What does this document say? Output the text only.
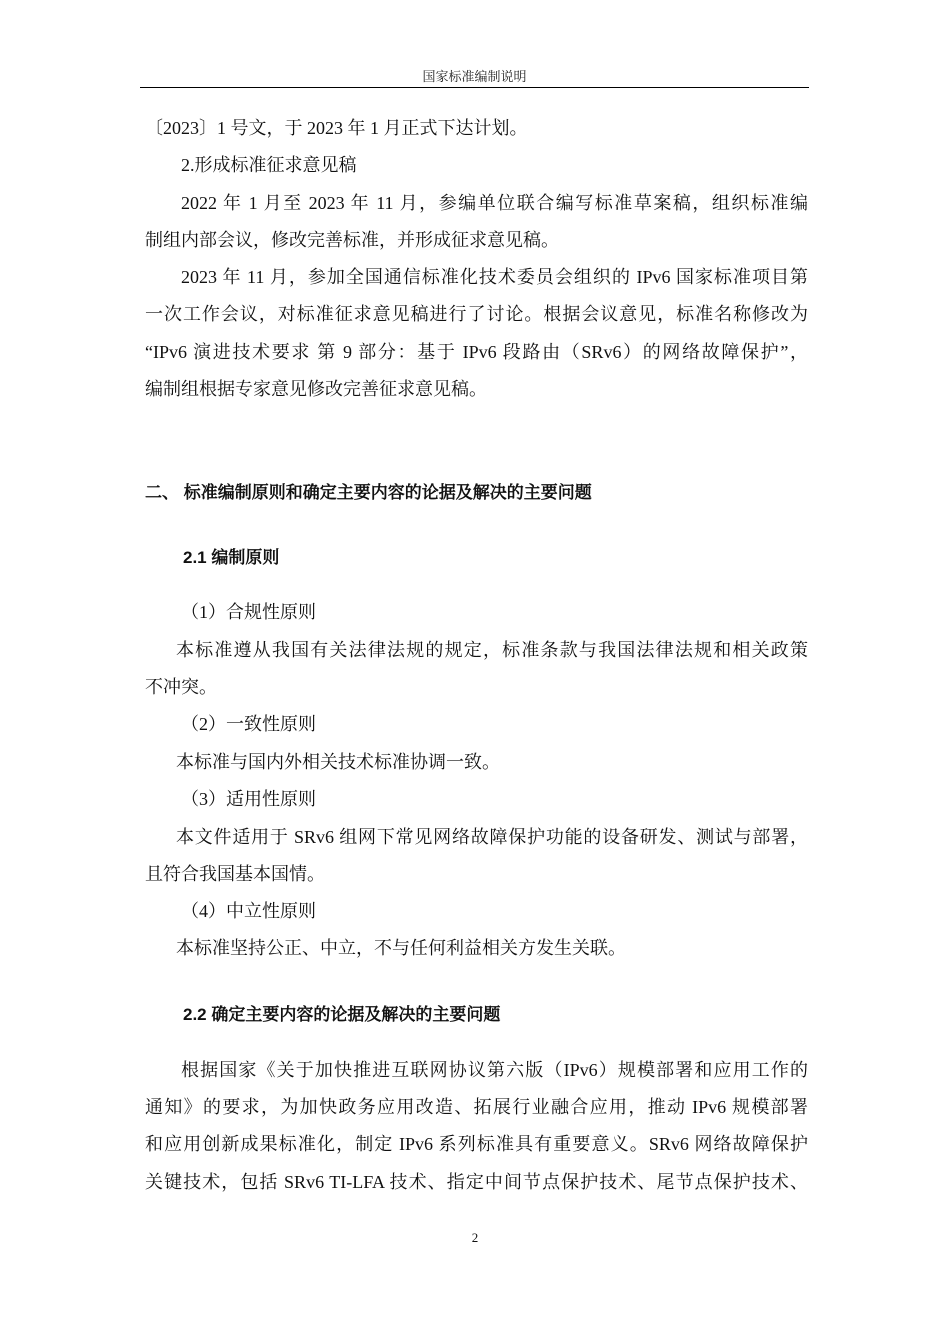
国家标准编制说明
〔2023〕1 号文，于 2023 年 1 月正式下达计划。
2.形成标准征求意见稿
2022 年 1 月至 2023 年 11 月，参编单位联合编写标准草案稿，组织标准编
制组内部会议，修改完善标准，并形成征求意见稿。
2023 年 11 月，参加全国通信标准化技术委员会组织的 IPv6 国家标准项目第
一次工作会议，对标准征求意见稿进行了讨论。根据会议意见，标准名称修改为
“IPv6 演进技术要求 第 9 部分：基于 IPv6 段路由（SRv6）的网络故障保护”，
编制组根据专家意见修改完善征求意见稿。
二、 标准编制原则和确定主要内容的论据及解决的主要问题
2.1 编制原则
（1）合规性原则
本标准遵从我国有关法律法规的规定，标准条款与我国法律法规和相关政策
不冲突。
（2）一致性原则
本标准与国内外相关技术标准协调一致。
（3）适用性原则
本文件适用于 SRv6 组网下常见网络故障保护功能的设备研发、测试与部署，
且符合我国基本国情。
（4）中立性原则
本标准坚持公正、中立，不与任何利益相关方发生关联。
2.2 确定主要内容的论据及解决的主要问题
根据国家《关于加快推进互联网协议第六版（IPv6）规模部署和应用工作的
通知》的要求，为加快政务应用改造、拓展行业融合应用，推动 IPv6 规模部署
和应用创新成果标准化，制定 IPv6 系列标准具有重要意义。SRv6 网络故障保护
关键技术，包括 SRv6 TI-LFA 技术、指定中间节点保护技术、尾节点保护技术、
2
